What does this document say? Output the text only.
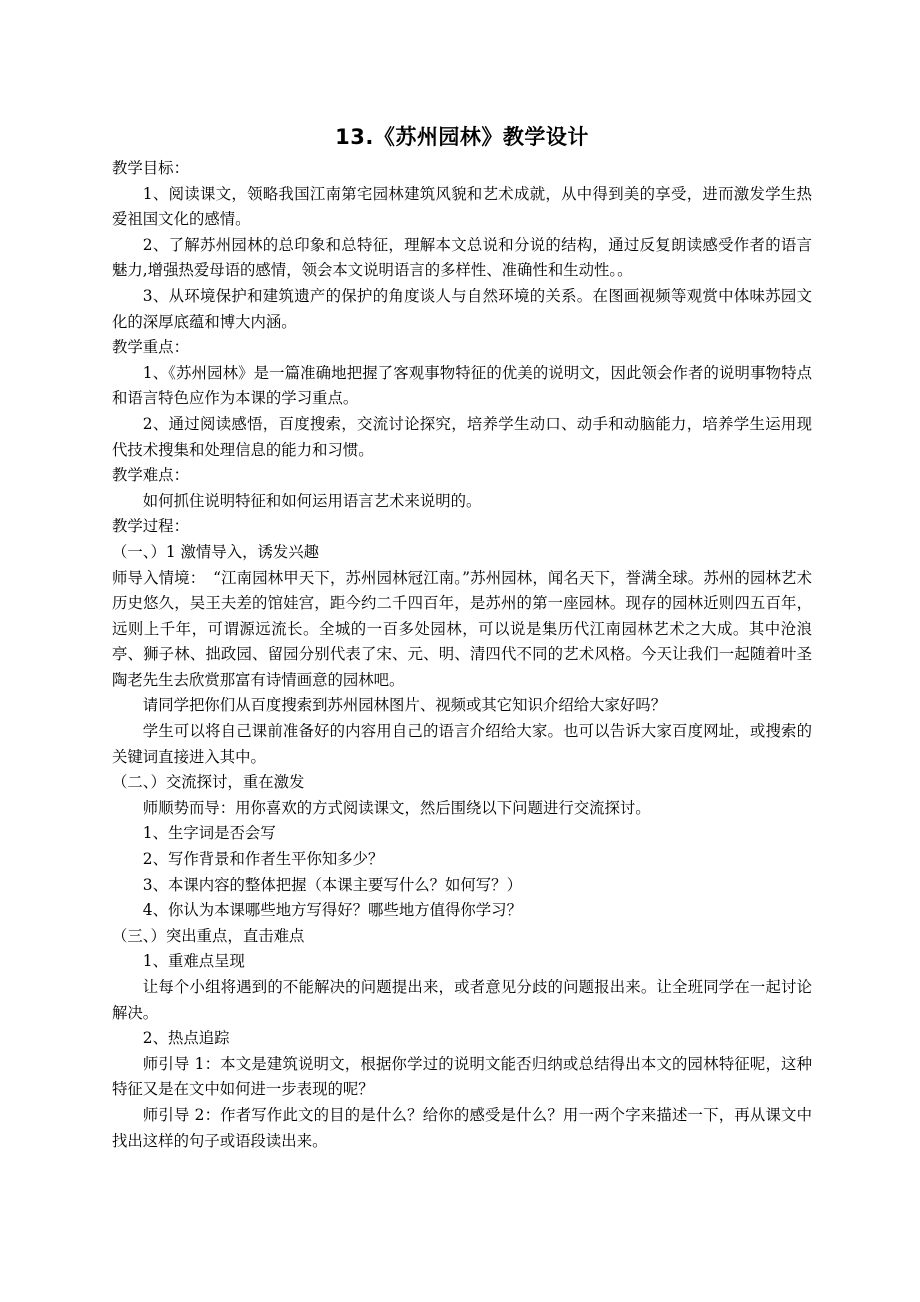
13.《苏州园林》教学设计

教学目标：

1、阅读课文，领略我国江南第宅园林建筑风貌和艺术成就，从中得到美的享受，进而激发学生热爱祖国文化的感情。

2、了解苏州园林的总印象和总特征，理解本文总说和分说的结构，通过反复朗读感受作者的语言魅力,增强热爱母语的感情，领会本文说明语言的多样性、准确性和生动性。。

3、从环境保护和建筑遗产的保护的角度谈人与自然环境的关系。在图画视频等观赏中体味苏园文化的深厚底蕴和博大内涵。

教学重点：

1、《苏州园林》是一篇准确地把握了客观事物特征的优美的说明文，因此领会作者的说明事物特点和语言特色应作为本课的学习重点。

2、通过阅读感悟，百度搜索，交流讨论探究，培养学生动口、动手和动脑能力，培养学生运用现代技术搜集和处理信息的能力和习惯。

教学难点：

如何抓住说明特征和如何运用语言艺术来说明的。

教学过程：

（一、）1 激情导入，诱发兴趣

师导入情境：　“江南园林甲天下，苏州园林冠江南。”苏州园林，闻名天下，誉满全球。苏州的园林艺术历史悠久，吴王夫差的馆娃宫，距今约二千四百年，是苏州的第一座园林。现存的园林近则四五百年，远则上千年，可谓源远流长。全城的一百多处园林，可以说是集历代江南园林艺术之大成。其中沧浪亭、狮子林、拙政园、留园分别代表了宋、元、明、清四代不同的艺术风格。今天让我们一起随着叶圣陶老先生去欣赏那富有诗情画意的园林吧。

请同学把你们从百度搜索到苏州园林图片、视频或其它知识介绍给大家好吗？

学生可以将自己课前准备好的内容用自己的语言介绍给大家。也可以告诉大家百度网址，或搜索的关键词直接进入其中。

（二、）交流探讨，重在激发

师顺势而导：用你喜欢的方式阅读课文，然后围绕以下问题进行交流探讨。

1、生字词是否会写

2、写作背景和作者生平你知多少？

3、本课内容的整体把握（本课主要写什么？如何写？）

4、你认为本课哪些地方写得好？哪些地方值得你学习？

（三、）突出重点，直击难点

1、重难点呈现

让每个小组将遇到的不能解决的问题提出来，或者意见分歧的问题报出来。让全班同学在一起讨论解决。

2、热点追踪

师引导 1：本文是建筑说明文，根据你学过的说明文能否归纳或总结得出本文的园林特征呢，这种特征又是在文中如何进一步表现的呢？

师引导 2：作者写作此文的目的是什么？给你的感受是什么？用一两个字来描述一下，再从课文中找出这样的句子或语段读出来。
